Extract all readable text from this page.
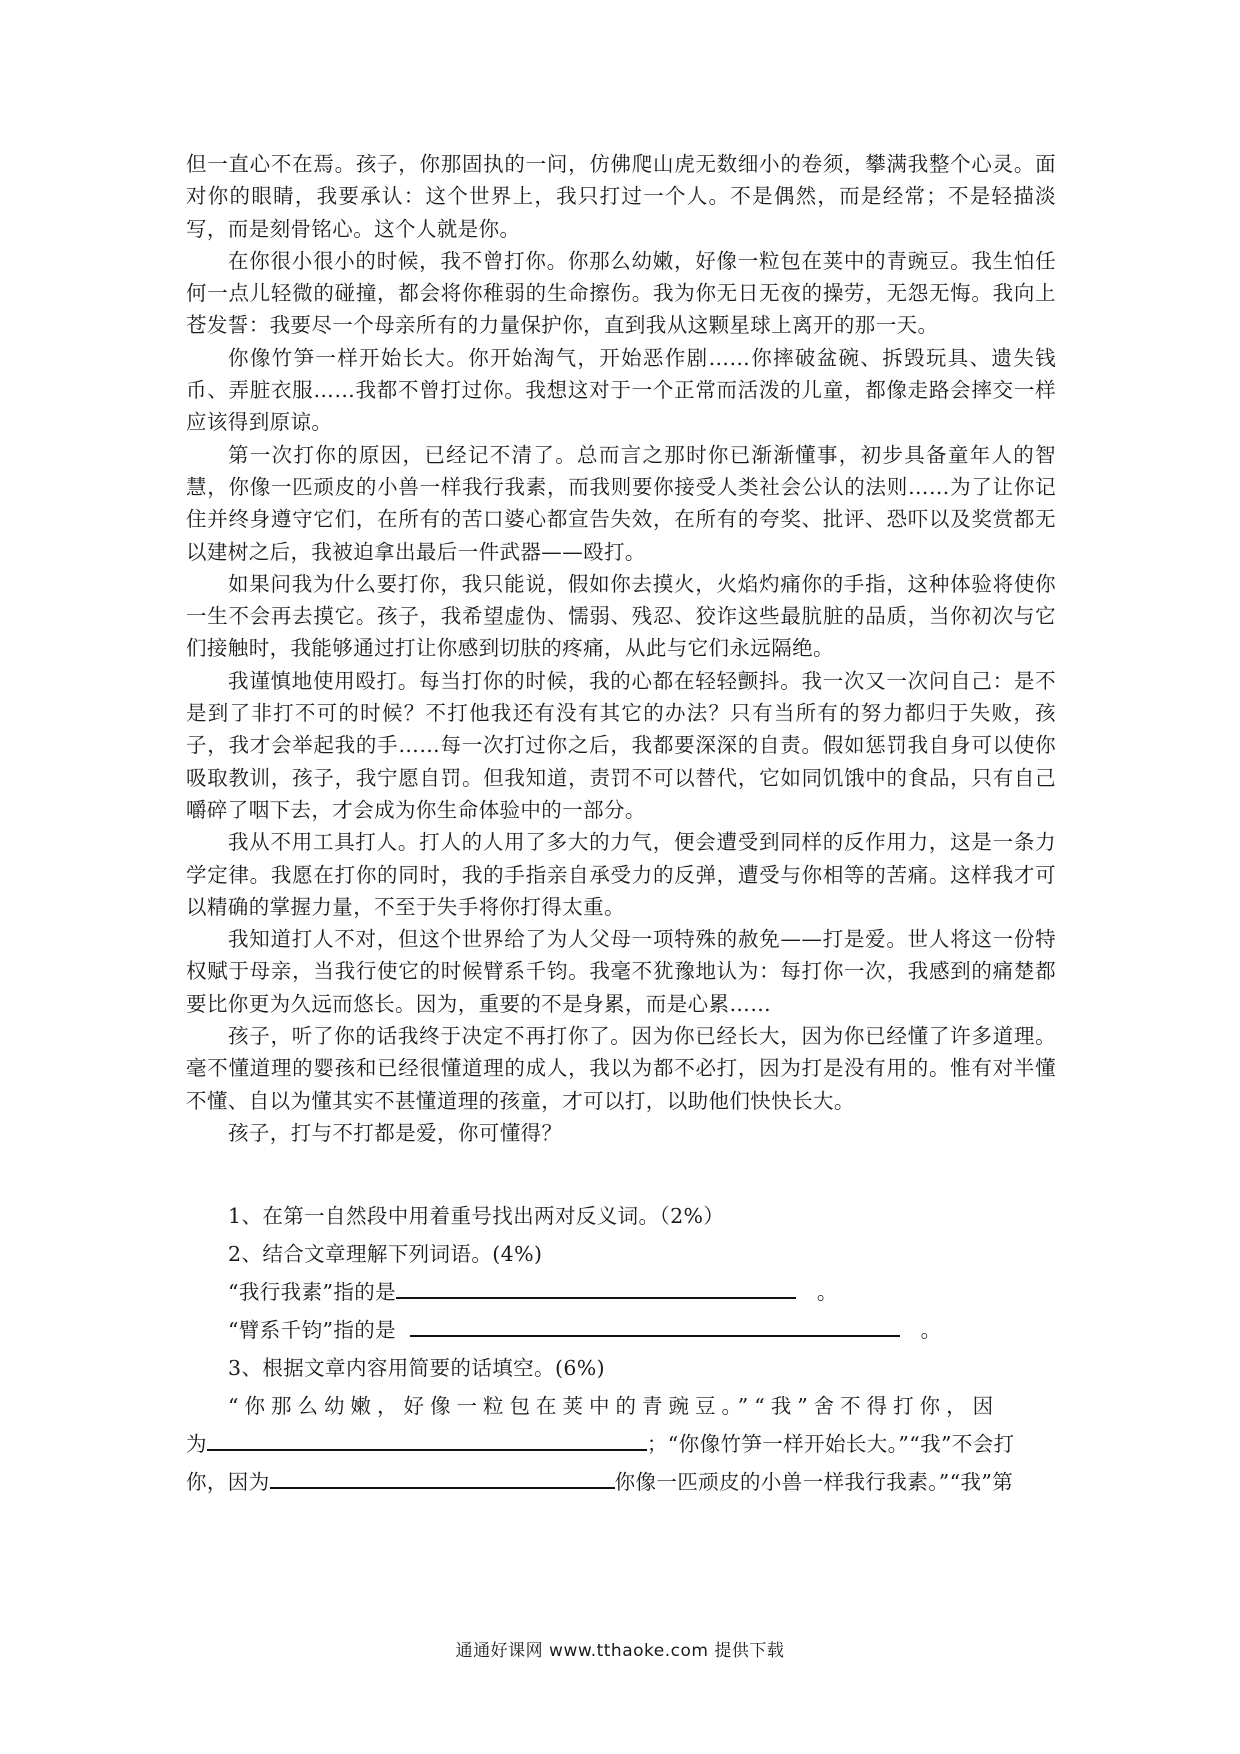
但一直心不在焉。孩子，你那固执的一问，仿佛爬山虎无数细小的卷须，攀满我整个心灵。面对你的眼睛，我要承认：这个世界上，我只打过一个人。不是偶然，而是经常；不是轻描淡写，而是刻骨铭心。这个人就是你。

在你很小很小的时候，我不曾打你。你那么幼嫩，好像一粒包在荚中的青豌豆。我生怕任何一点儿轻微的碰撞，都会将你稚弱的生命擦伤。我为你无日无夜的操劳，无怨无悔。我向上苍发誓：我要尽一个母亲所有的力量保护你，直到我从这颗星球上离开的那一天。

你像竹笋一样开始长大。你开始淘气，开始恶作剧……你摔破盆碗、拆毁玩具、遗失钱币、弄脏衣服……我都不曾打过你。我想这对于一个正常而活泼的儿童，都像走路会摔交一样应该得到原谅。

第一次打你的原因，已经记不清了。总而言之那时你已渐渐懂事，初步具备童年人的智慧，你像一匹顽皮的小兽一样我行我素，而我则要你接受人类社会公认的法则……为了让你记住并终身遵守它们，在所有的苦口婆心都宣告失效，在所有的夸奖、批评、恐吓以及奖赏都无以建树之后，我被迫拿出最后一件武器——殴打。

如果问我为什么要打你，我只能说，假如你去摸火，火焰灼痛你的手指，这种体验将使你一生不会再去摸它。孩子，我希望虚伪、懦弱、残忍、狡诈这些最肮脏的品质，当你初次与它们接触时，我能够通过打让你感到切肤的疼痛，从此与它们永远隔绝。

我谨慎地使用殴打。每当打你的时候，我的心都在轻轻颤抖。我一次又一次问自己：是不是到了非打不可的时候？不打他我还有没有其它的办法？只有当所有的努力都归于失败，孩子，我才会举起我的手……每一次打过你之后，我都要深深的自责。假如惩罚我自身可以使你吸取教训，孩子，我宁愿自罚。但我知道，责罚不可以替代，它如同饥饿中的食品，只有自己嚼碎了咽下去，才会成为你生命体验中的一部分。

我从不用工具打人。打人的人用了多大的力气，便会遭受到同样的反作用力，这是一条力学定律。我愿在打你的同时，我的手指亲自承受力的反弹，遭受与你相等的苦痛。这样我才可以精确的掌握力量，不至于失手将你打得太重。

我知道打人不对，但这个世界给了为人父母一项特殊的赦免——打是爱。世人将这一份特权赋于母亲，当我行使它的时候臂系千钧。我毫不犹豫地认为：每打你一次，我感到的痛楚都要比你更为久远而悠长。因为，重要的不是身累，而是心累……

孩子，听了你的话我终于决定不再打你了。因为你已经长大，因为你已经懂了许多道理。毫不懂道理的婴孩和已经很懂道理的成人，我以为都不必打，因为打是没有用的。惟有对半懂不懂、自以为懂其实不甚懂道理的孩童，才可以打，以助他们快快长大。

孩子，打与不打都是爱，你可懂得？

1、在第一自然段中用着重号找出两对反义词。（2%）

2、结合文章理解下列词语。(4%)

“我行我素”指的是	。

“臂系千钧”指的是	。

3、根据文章内容用简要的话填空。(6%)

“你那么幼嫩，好像一粒包在荚中的青豌豆。”“我”舍不得打你，因

为	；“你像竹笋一样开始长大。”“我”不会打

你，因为	你像一匹顽皮的小兽一样我行我素。”“我”第

通通好课网 www.tthaoke.com 提供下载
